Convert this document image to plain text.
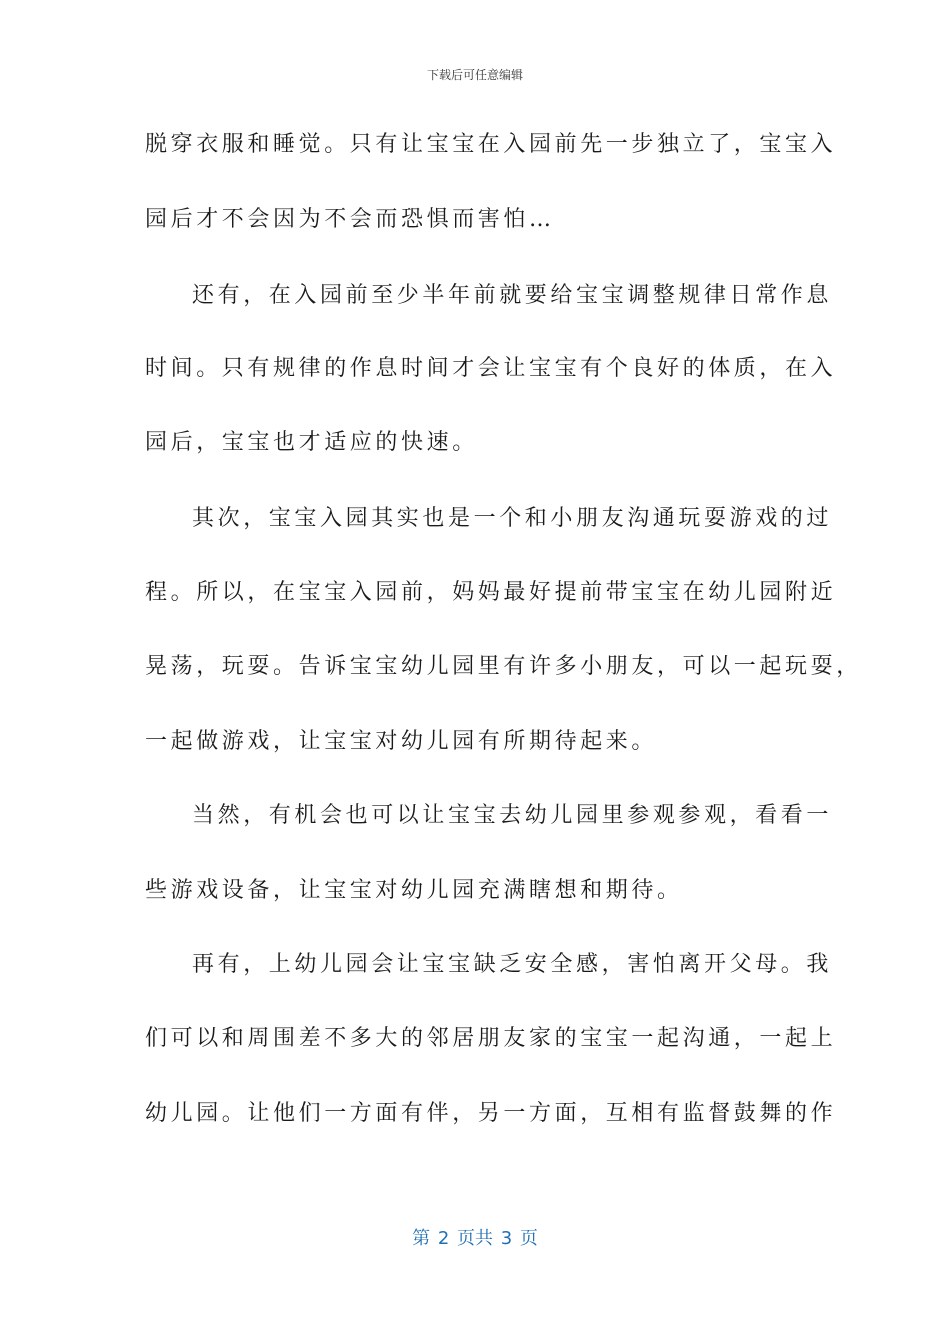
下载后可任意编辑
脱穿衣服和睡觉。只有让宝宝在入园前先一步独立了，宝宝入
园后才不会因为不会而恐惧而害怕…
还有，在入园前至少半年前就要给宝宝调整规律日常作息
时间。只有规律的作息时间才会让宝宝有个良好的体质，在入
园后，宝宝也才适应的快速。
其次，宝宝入园其实也是一个和小朋友沟通玩耍游戏的过
程。所以，在宝宝入园前，妈妈最好提前带宝宝在幼儿园附近
晃荡，玩耍。告诉宝宝幼儿园里有许多小朋友，可以一起玩耍，
一起做游戏，让宝宝对幼儿园有所期待起来。
当然，有机会也可以让宝宝去幼儿园里参观参观，看看一
些游戏设备，让宝宝对幼儿园充满瞎想和期待。
再有，上幼儿园会让宝宝缺乏安全感，害怕离开父母。我
们可以和周围差不多大的邻居朋友家的宝宝一起沟通，一起上
幼儿园。让他们一方面有伴，另一方面，互相有监督鼓舞的作
第 2 页共 3 页
